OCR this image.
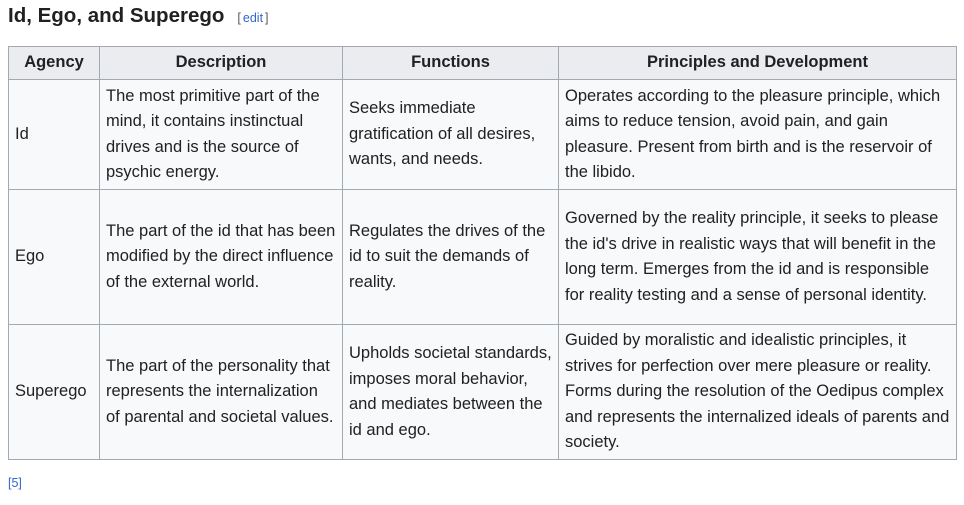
Id, Ego, and Superego [ edit ]
Agency	Description	Functions	Principles and Development
Id	The most primitive part of the mind, it contains instinctual drives and is the source of psychic energy.	Seeks immediate gratification of all desires, wants, and needs.	Operates according to the pleasure principle, which aims to reduce tension, avoid pain, and gain pleasure. Present from birth and is the reservoir of the libido.
Ego	The part of the id that has been modified by the direct influence of the external world.	Regulates the drives of the id to suit the demands of reality.	Governed by the reality principle, it seeks to please the id's drive in realistic ways that will benefit in the long term. Emerges from the id and is responsible for reality testing and a sense of personal identity.
Superego	The part of the personality that represents the internalization of parental and societal values.	Upholds societal standards, imposes moral behavior, and mediates between the id and ego.	Guided by moralistic and idealistic principles, it strives for perfection over mere pleasure or reality. Forms during the resolution of the Oedipus complex and represents the internalized ideals of parents and society.
[5]
